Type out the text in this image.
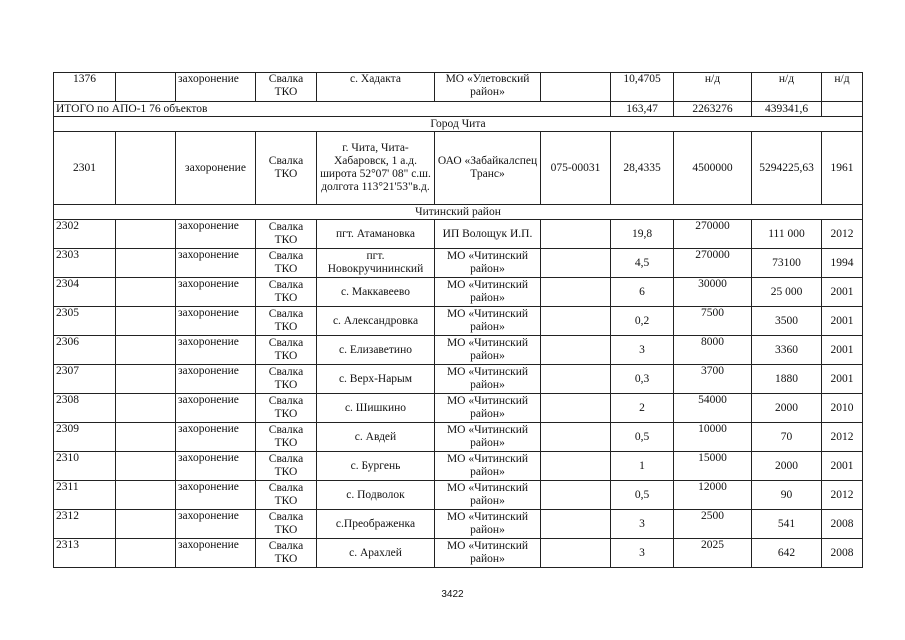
1376		захоронение	Свалка ТКО	с. Хадакта	МО «Улетовский район»		10,4705	н/д	н/д	н/д
ИТОГО по АПО-1 76 объектов							163,47	2263276	439341,6	
Город Чита										
2301		захоронение	Свалка ТКО	г. Чита, Чита-Хабаровск, 1 а.д. широта 52°07' 08" с.ш. долгота 113°21'53"в.д.	ОАО «Забайкалспец Транс»	075-00031	28,4335	4500000	5294225,63	1961
Читинский район										
2302		захоронение	Свалка ТКО	пгт. Атамановка	ИП Волощук И.П.		19,8	270000	111 000	2012
2303		захоронение	Свалка ТКО	пгт. Новокручининский	МО «Читинский район»		4,5	270000	73100	1994
2304		захоронение	Свалка ТКО	с. Маккавеево	МО «Читинский район»		6	30000	25 000	2001
2305		захоронение	Свалка ТКО	с. Александровка	МО «Читинский район»		0,2	7500	3500	2001
2306		захоронение	Свалка ТКО	с. Елизаветино	МО «Читинский район»		3	8000	3360	2001
2307		захоронение	Свалка ТКО	с. Верх-Нарым	МО «Читинский район»		0,3	3700	1880	2001
2308		захоронение	Свалка ТКО	с. Шишкино	МО «Читинский район»		2	54000	2000	2010
2309		захоронение	Свалка ТКО	с. Авдей	МО «Читинский район»		0,5	10000	70	2012
2310		захоронение	Свалка ТКО	с. Бургень	МО «Читинский район»		1	15000	2000	2001
2311		захоронение	Свалка ТКО	с. Подволок	МО «Читинский район»		0,5	12000	90	2012
2312		захоронение	Свалка ТКО	с.Преображенка	МО «Читинский район»		3	2500	541	2008
2313		захоронение	Свалка ТКО	с. Арахлей	МО «Читинский район»		3	2025	642	2008
3422
